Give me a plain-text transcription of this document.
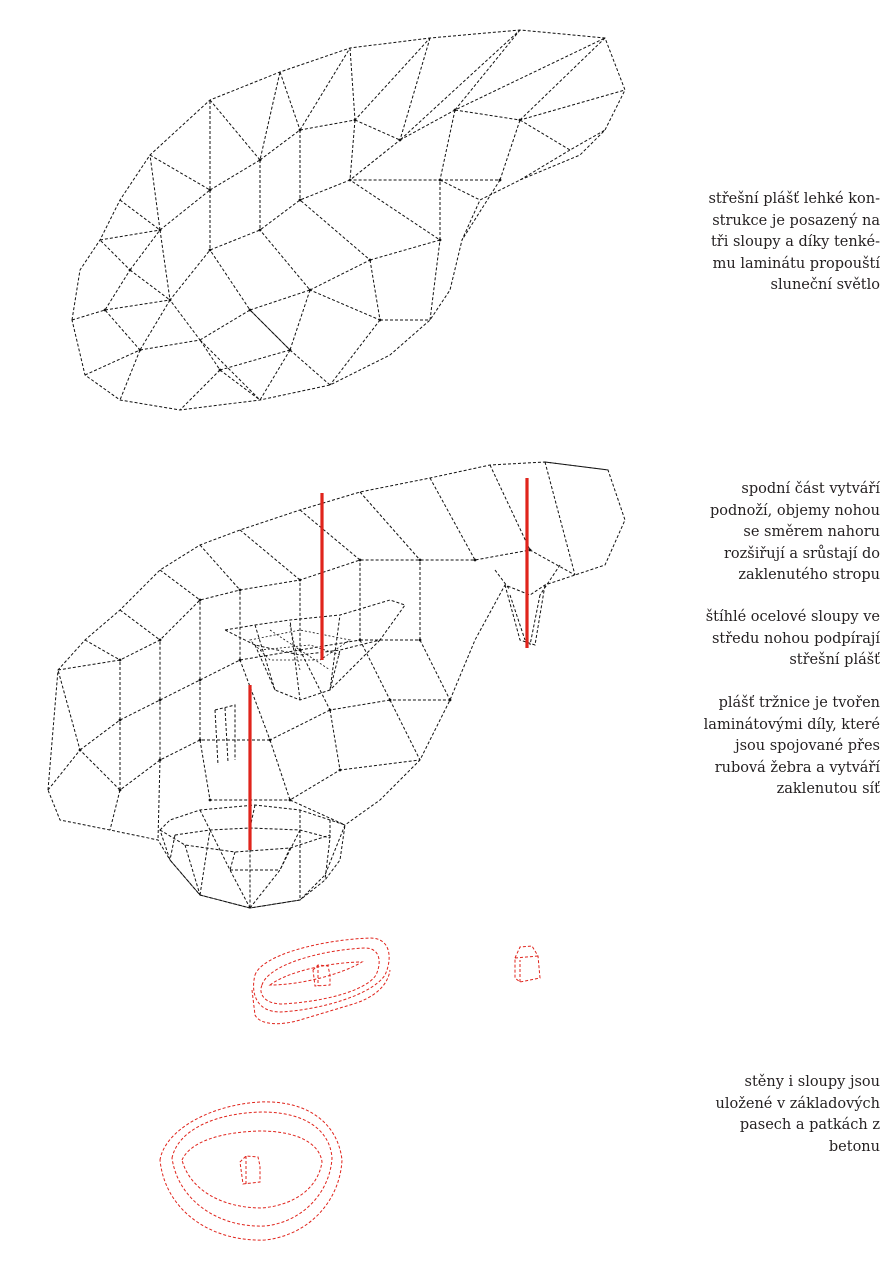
střešní plášť lehké kon-
strukce je posazený na
tři sloupy a díky tenké-
mu laminátu propouští
sluneční světlo

spodní část vytváří
podnoží, objemy nohou
se směrem nahoru
rozšiřují a srůstají do
zaklenutého stropu

štíhlé ocelové sloupy ve
středu nohou podpírají
střešní plášť

plášť tržnice je tvořen
laminátovými díly, které
jsou spojované přes
rubová žebra a vytváří
zaklenutou síť

stěny i sloupy jsou
uložené v základových
pasech a patkách z
betonu
